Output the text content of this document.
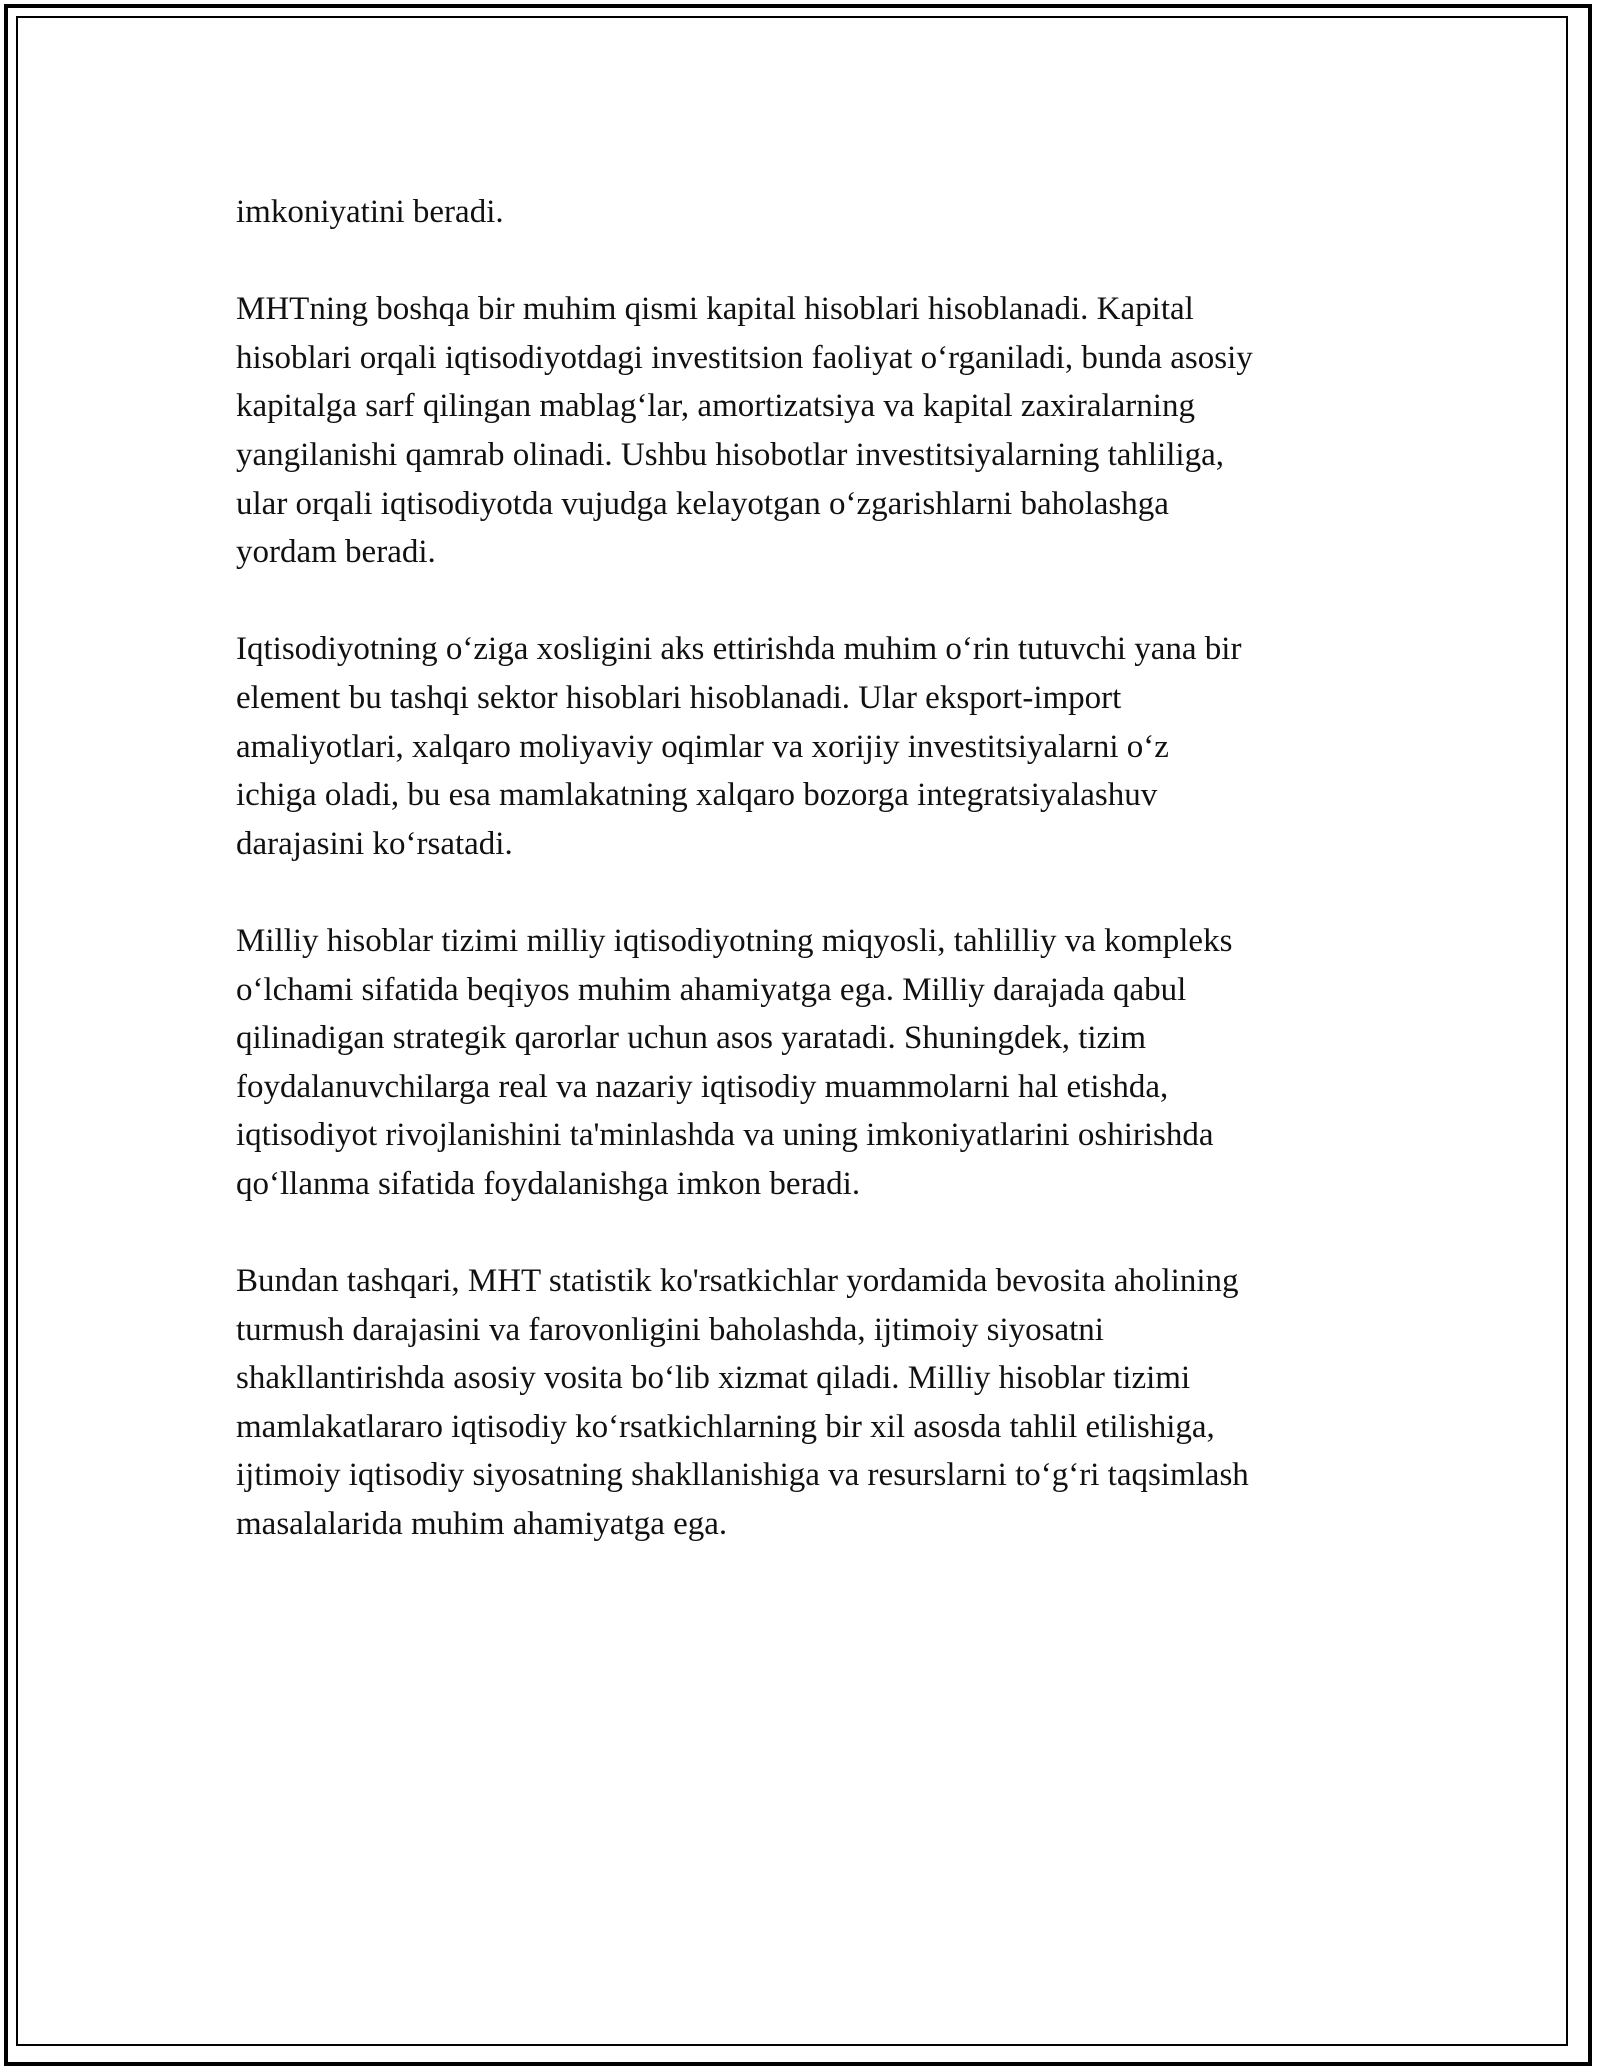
imkoniyatini beradi.

MHTning boshqa bir muhim qismi kapital hisoblari hisoblanadi. Kapital
hisoblari orqali iqtisodiyotdagi investitsion faoliyat o‘rganiladi, bunda asosiy
kapitalga sarf qilingan mablag‘lar, amortizatsiya va kapital zaxiralarning
yangilanishi qamrab olinadi. Ushbu hisobotlar investitsiyalarning tahliliga,
ular orqali iqtisodiyotda vujudga kelayotgan o‘zgarishlarni baholashga
yordam beradi.

Iqtisodiyotning o‘ziga xosligini aks ettirishda muhim o‘rin tutuvchi yana bir
element bu tashqi sektor hisoblari hisoblanadi. Ular eksport-import
amaliyotlari, xalqaro moliyaviy oqimlar va xorijiy investitsiyalarni o‘z
ichiga oladi, bu esa mamlakatning xalqaro bozorga integratsiyalashuv
darajasini ko‘rsatadi.

Milliy hisoblar tizimi milliy iqtisodiyotning miqyosli, tahlilliy va kompleks
o‘lchami sifatida beqiyos muhim ahamiyatga ega. Milliy darajada qabul
qilinadigan strategik qarorlar uchun asos yaratadi. Shuningdek, tizim
foydalanuvchilarga real va nazariy iqtisodiy muammolarni hal etishda,
iqtisodiyot rivojlanishini ta'minlashda va uning imkoniyatlarini oshirishda
qo‘llanma sifatida foydalanishga imkon beradi.

Bundan tashqari, MHT statistik ko'rsatkichlar yordamida bevosita aholining
turmush darajasini va farovonligini baholashda, ijtimoiy siyosatni
shakllantirishda asosiy vosita bo‘lib xizmat qiladi. Milliy hisoblar tizimi
mamlakatlararo iqtisodiy ko‘rsatkichlarning bir xil asosda tahlil etilishiga,
ijtimoiy iqtisodiy siyosatning shakllanishiga va resurslarni to‘g‘ri taqsimlash
masalalarida muhim ahamiyatga ega.
